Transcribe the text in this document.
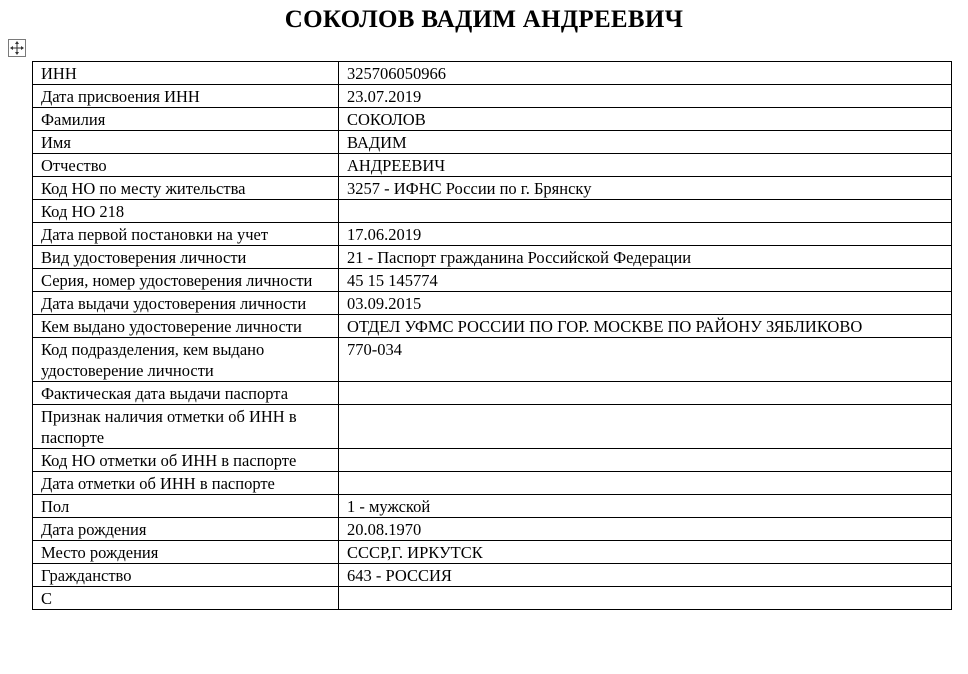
СОКОЛОВ ВАДИМ АНДРЕЕВИЧ
ИНН	325706050966
Дата присвоения ИНН	23.07.2019
Фамилия	СОКОЛОВ
Имя	ВАДИМ
Отчество	АНДРЕЕВИЧ
Код НО по месту жительства	3257 - ИФНС России по г. Брянску
Код НО 218	
Дата первой постановки на учет	17.06.2019
Вид удостоверения личности	21 - Паспорт гражданина Российской Федерации
Серия, номер удостоверения личности	45 15 145774
Дата выдачи удостоверения личности	03.09.2015
Кем выдано удостоверение личности	ОТДЕЛ УФМС РОССИИ ПО ГОР. МОСКВЕ ПО РАЙОНУ ЗЯБЛИКОВО
Код подразделения, кем выдано удостоверение личности	770-034
Фактическая дата выдачи паспорта	
Признак наличия отметки об ИНН в паспорте	
Код НО отметки об ИНН в паспорте	
Дата отметки об ИНН в паспорте	
Пол	1 - мужской
Дата рождения	20.08.1970
Место рождения	СССР,Г. ИРКУТСК
Гражданство	643 - РОССИЯ
С	
